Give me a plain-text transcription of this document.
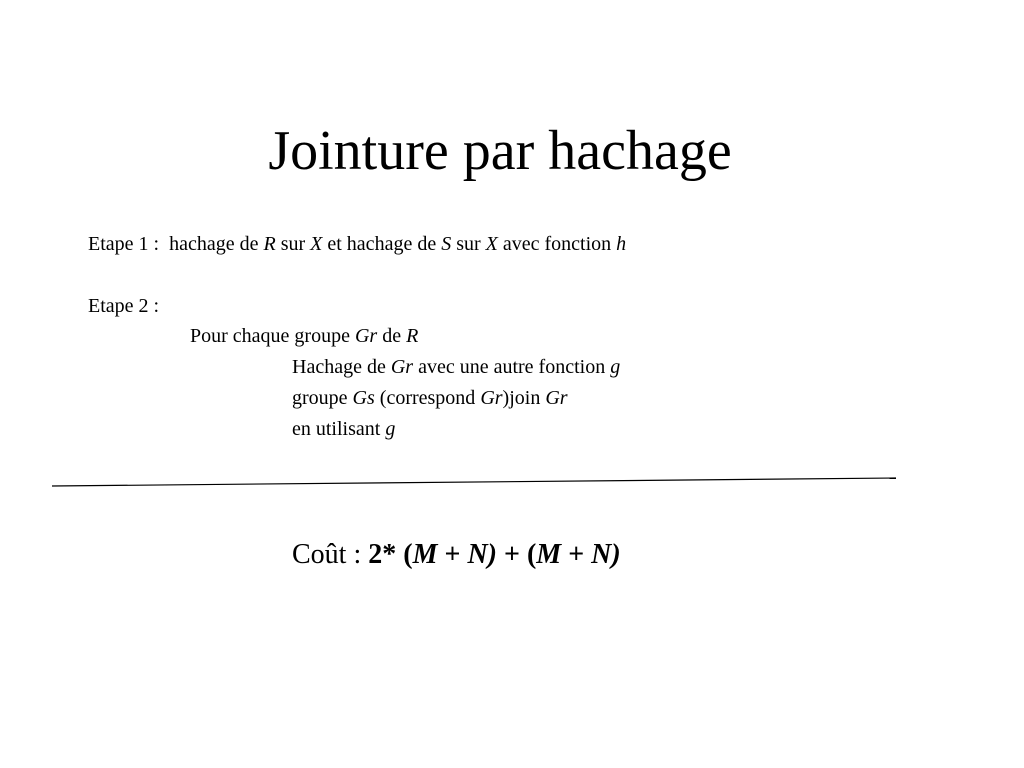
Jointure par hachage
Etape 1 : hachage de R sur X et hachage de S sur X avec fonction h
Etape 2 :
Pour chaque groupe Gr de R
Hachage de Gr avec une autre fonction g
groupe Gs (correspond Gr)join Gr
en utilisant g
Coût : 2* (M + N) + (M + N)
